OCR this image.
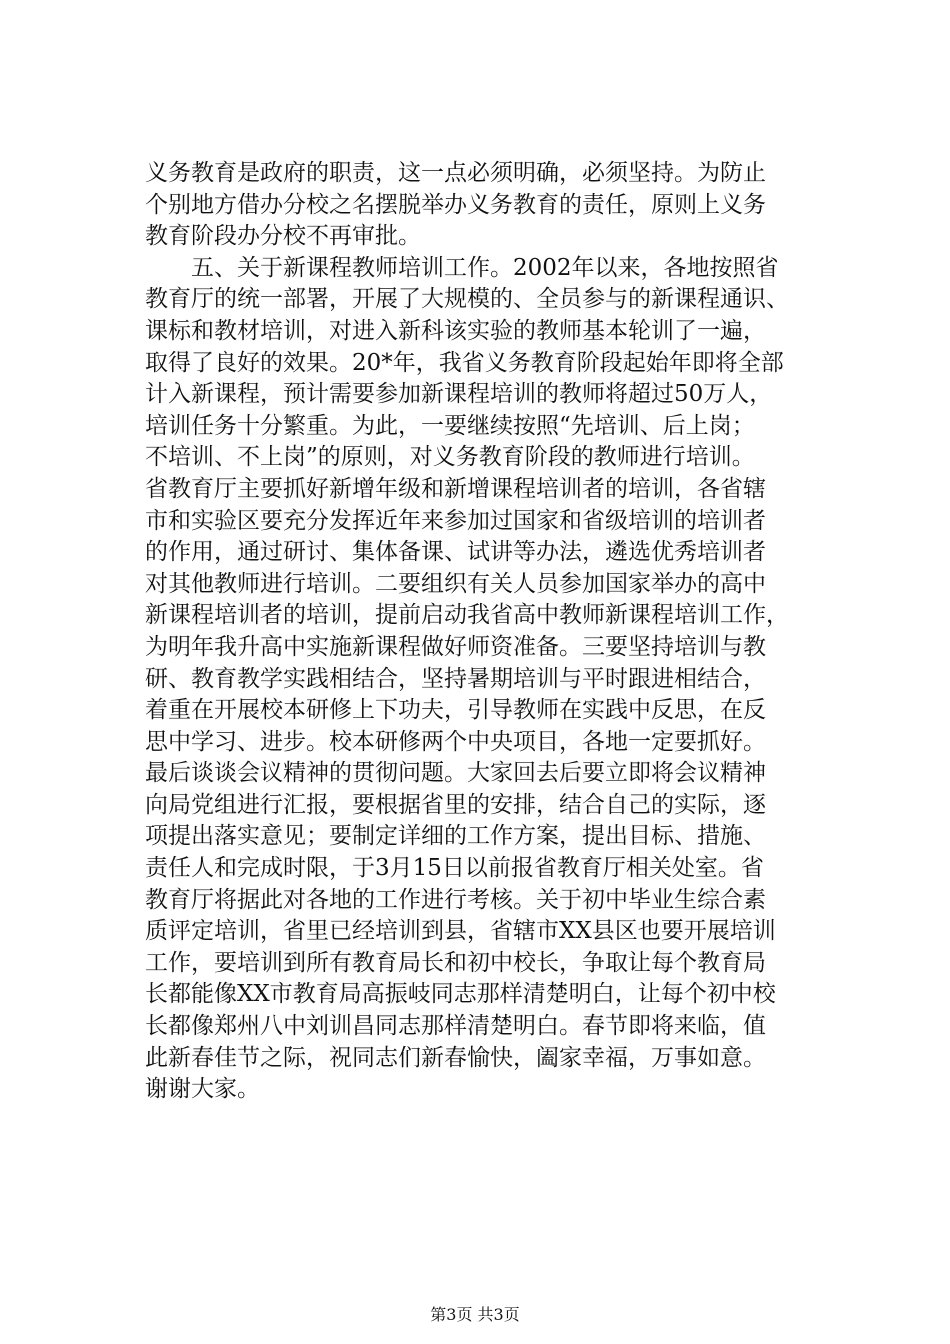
义务教育是政府的职责，这一点必须明确，必须坚持。为防止
个别地方借办分校之名摆脱举办义务教育的责任，原则上义务
教育阶段办分校不再审批。
　　五、关于新课程教师培训工作。2002年以来，各地按照省
教育厅的统一部署，开展了大规模的、全员参与的新课程通识、
课标和教材培训，对进入新科该实验的教师基本轮训了一遍，
取得了良好的效果。20*年，我省义务教育阶段起始年即将全部
计入新课程，预计需要参加新课程培训的教师将超过50万人，
培训任务十分繁重。为此，一要继续按照“先培训、后上岗；
不培训、不上岗”的原则，对义务教育阶段的教师进行培训。
省教育厅主要抓好新增年级和新增课程培训者的培训，各省辖
市和实验区要充分发挥近年来参加过国家和省级培训的培训者
的作用，通过研讨、集体备课、试讲等办法，遴选优秀培训者
对其他教师进行培训。二要组织有关人员参加国家举办的高中
新课程培训者的培训，提前启动我省高中教师新课程培训工作，
为明年我升高中实施新课程做好师资准备。三要坚持培训与教
研、教育教学实践相结合，坚持暑期培训与平时跟进相结合，
着重在开展校本研修上下功夫，引导教师在实践中反思，在反
思中学习、进步。校本研修两个中央项目，各地一定要抓好。
最后谈谈会议精神的贯彻问题。大家回去后要立即将会议精神
向局党组进行汇报，要根据省里的安排，结合自己的实际，逐
项提出落实意见；要制定详细的工作方案，提出目标、措施、
责任人和完成时限，于3月15日以前报省教育厅相关处室。省
教育厅将据此对各地的工作进行考核。关于初中毕业生综合素
质评定培训，省里已经培训到县，省辖市XX县区也要开展培训
工作，要培训到所有教育局长和初中校长，争取让每个教育局
长都能像XX市教育局高振岐同志那样清楚明白，让每个初中校
长都像郑州八中刘训昌同志那样清楚明白。春节即将来临，值
此新春佳节之际，祝同志们新春愉快，阖家幸福，万事如意。
谢谢大家。
第3页 共3页
